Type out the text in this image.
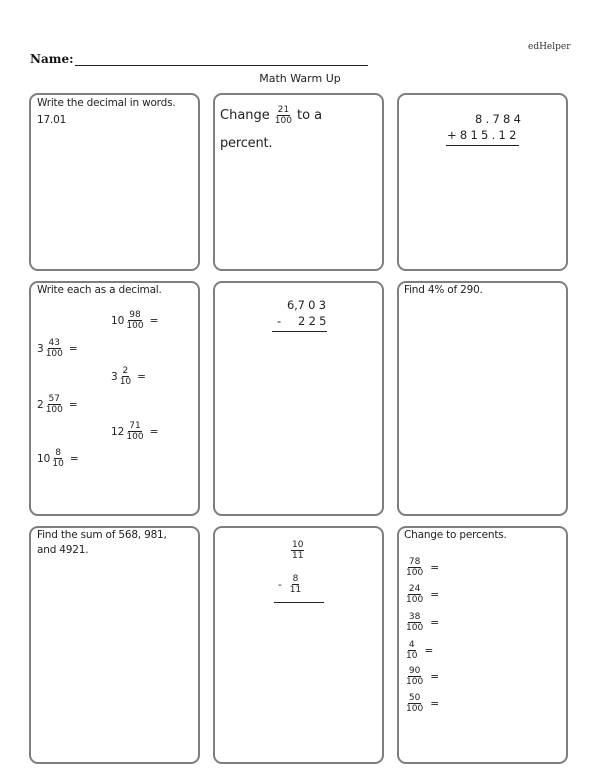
edHelper
Name:
Math Warm Up
Write the decimal in words.
17.01	Change $\frac{21}{100}$ to a
percent.
8 . 7 8 4
+ 8 1 5 . 1 2
Write each as a decimal.
$10 \frac{98}{100}$ =
$3 \frac{43}{100}$ =
$3 \frac{2}{10}$ =
$2 \frac{57}{100}$ =
$12 \frac{71}{100}$ =
$10 \frac{8}{10}$ =
6,7 0 3
- 2 2 5
Find 4% of 290.
Find the sum of 568, 981,
and 4921.	$\frac{10}{11}$
- $\frac{8}{11}$
Change to percents.
$\frac{78}{100}$ =
$\frac{24}{100}$ =
$\frac{38}{100}$ =
$\frac{4}{10}$ =
$\frac{90}{100}$ =
$\frac{50}{100}$ =
